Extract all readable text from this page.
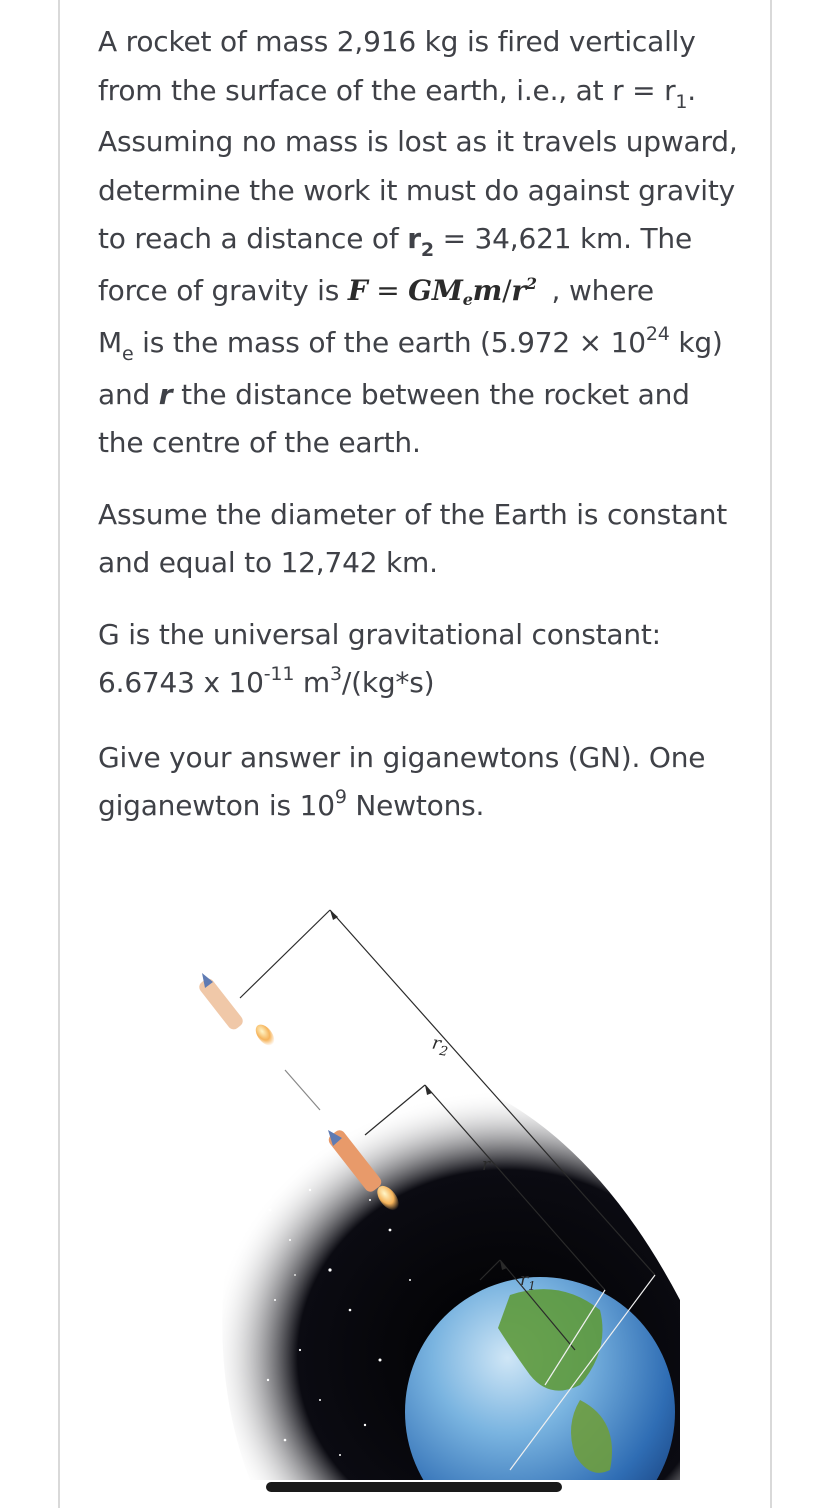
A rocket of mass 2,916 kg is fired vertically
from the surface of the earth, i.e., at $r = r_1$.
Assuming no mass is lost as it travels upward,
determine the work it must do against gravity
to reach a distance of $r_2 = 34,621$ km. The
force of gravity is F = GMem/$r^2$ , where
$M_e$ is the mass of the earth ($5.972 \times 10^{24}$ kg)
and r the distance between the rocket and
the centre of the earth.
Assume the diameter of the Earth is constant
and equal to 12,742 km.
G is the universal gravitational constant:
6.6743 x $10^{-11}$ $m^3/(kg*s)$
Give your answer in giganewtons (GN). One
giganewton is $10^9$ Newtons.
$r_2$
r
$r_1$
